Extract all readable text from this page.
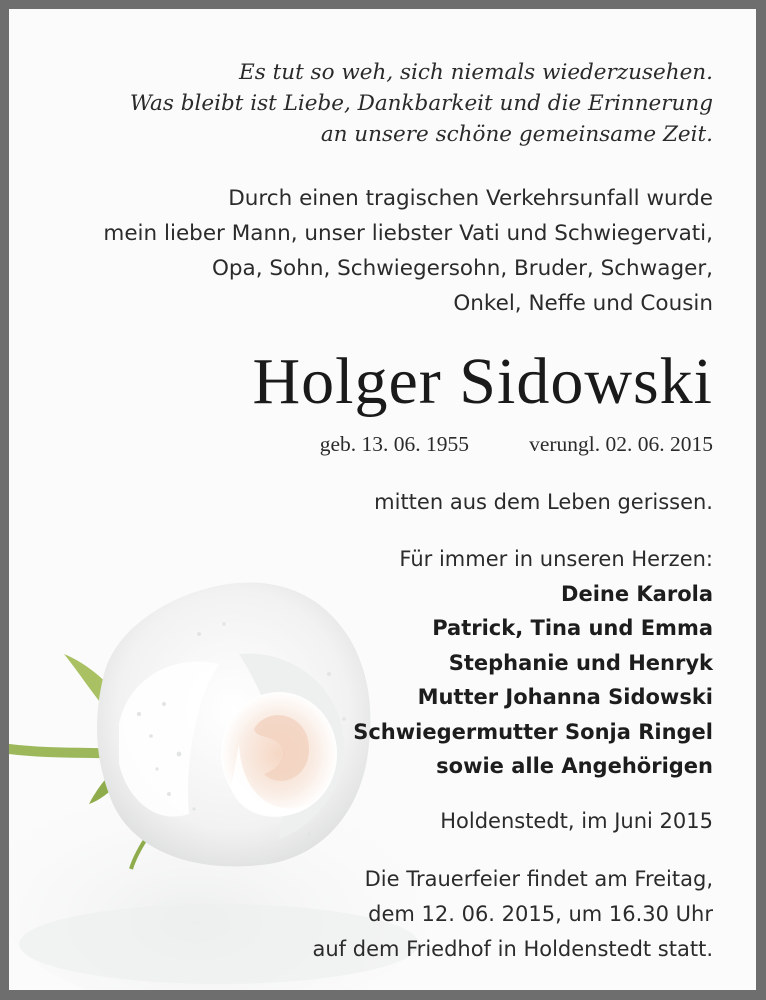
Es tut so weh, sich niemals wiederzusehen.
Was bleibt ist Liebe, Dankbarkeit und die Erinnerung
an unsere schöne gemeinsame Zeit.
Durch einen tragischen Verkehrsunfall wurde
mein lieber Mann, unser liebster Vati und Schwiegervati,
Opa, Sohn, Schwiegersohn, Bruder, Schwager,
Onkel, Neffe und Cousin
Holger Sidowski
geb. 13. 06. 1955	verungl. 02. 06. 2015
mitten aus dem Leben gerissen.
Für immer in unseren Herzen:
Deine Karola
Patrick, Tina und Emma
Stephanie und Henryk
Mutter Johanna Sidowski
Schwiegermutter Sonja Ringel
sowie alle Angehörigen
Holdenstedt, im Juni 2015
Die Trauerfeier findet am Freitag,
dem 12. 06. 2015, um 16.30 Uhr
auf dem Friedhof in Holdenstedt statt.
